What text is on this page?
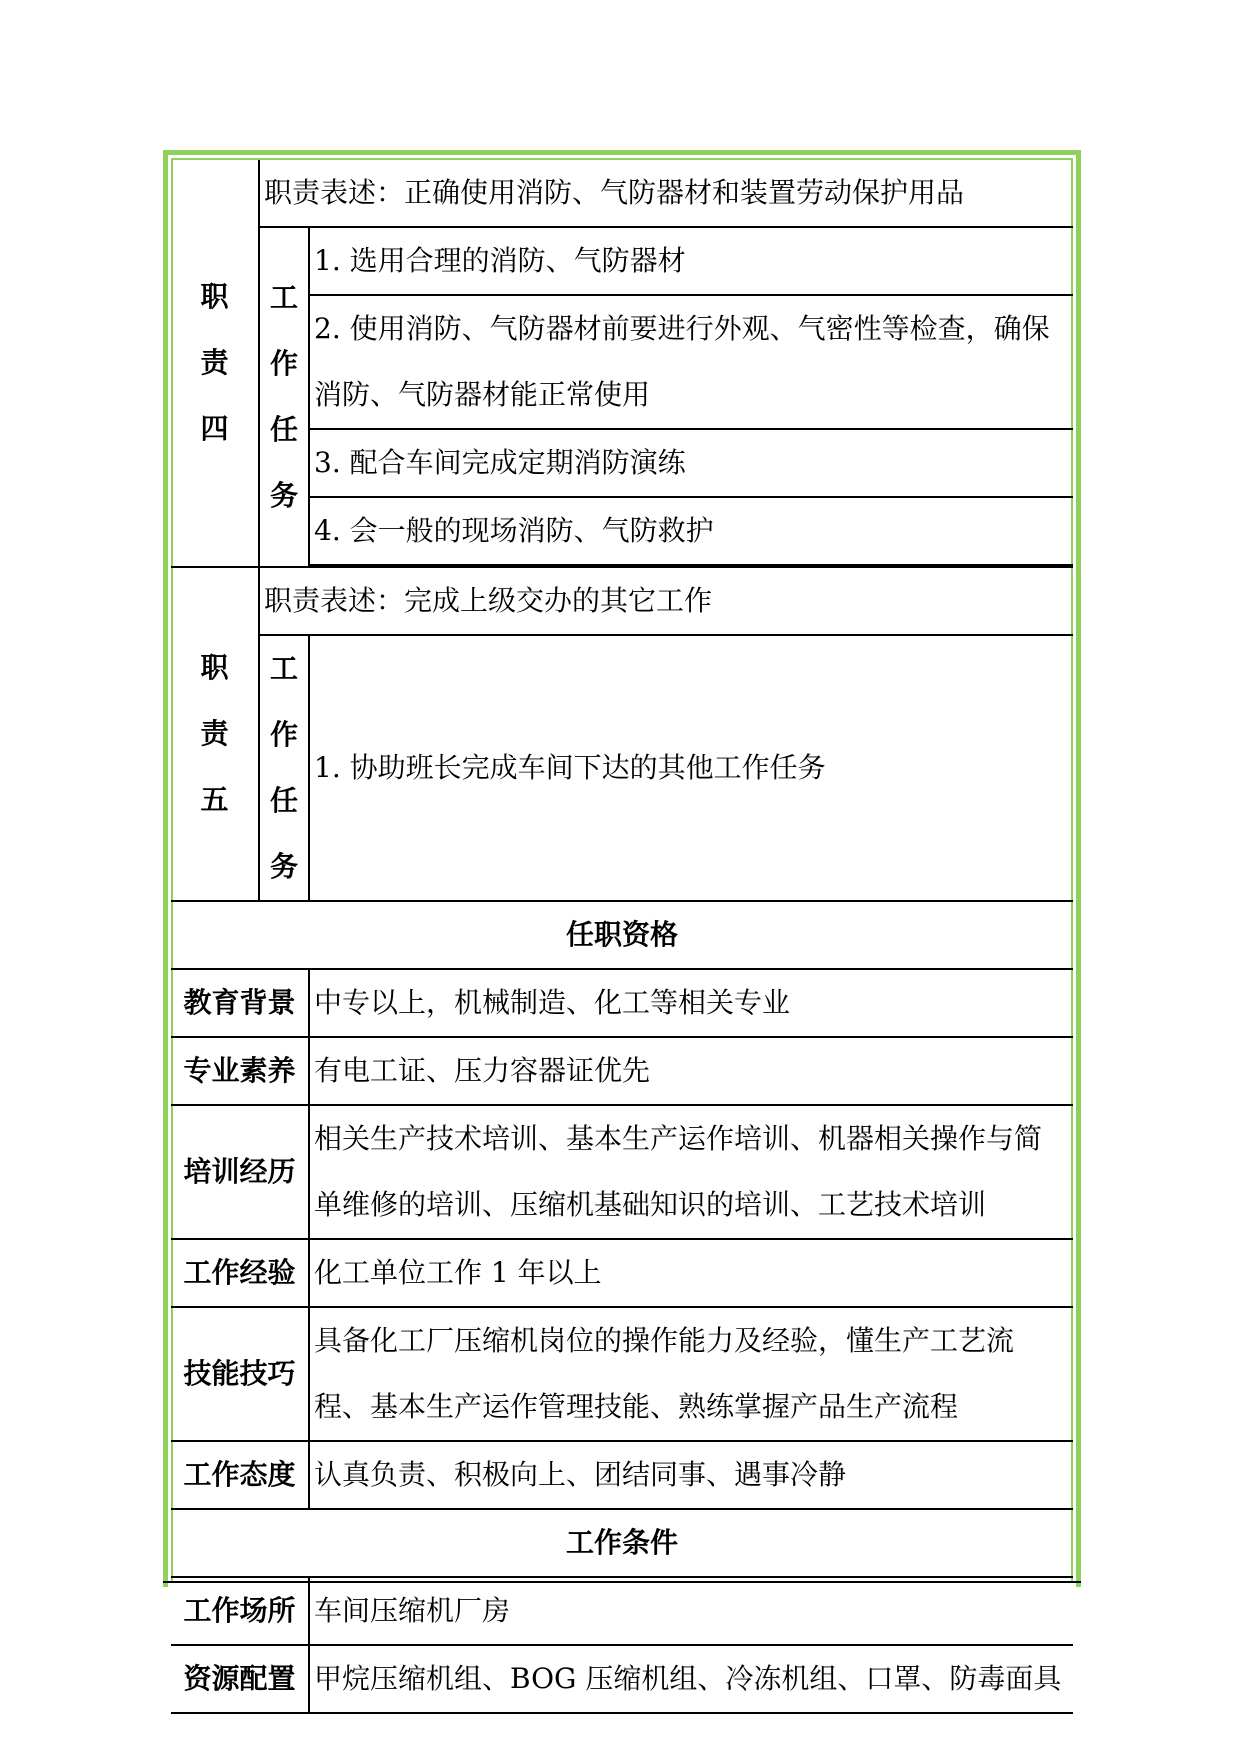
职
责
四	职责表述：正确使用消防、气防器材和装置劳动保护用品	

	工
作
任
务	1. 选用合理的消防、气防器材
		2. 使用消防、气防器材前要进行外观、气密性等检查，确保消防、气防器材能正常使用
		3. 配合车间完成定期消防演练
		4. 会一般的现场消防、气防救护

职
责
五	职责表述：完成上级交办的其它工作	

	工
作
任
务	1. 协助班长完成车间下达的其他工作任务
任职资格		
教育背景		中专以上，机械制造、化工等相关专业
专业素养		有电工证、压力容器证优先
培训经历		相关生产技术培训、基本生产运作培训、机器相关操作与简单维修的培训、压缩机基础知识的培训、工艺技术培训
工作经验		化工单位工作 1 年以上
技能技巧		具备化工厂压缩机岗位的操作能力及经验，懂生产工艺流程、基本生产运作管理技能、熟练掌握产品生产流程
工作态度		认真负责、积极向上、团结同事、遇事冷静
工作条件		
工作场所		车间压缩机厂房
资源配置		甲烷压缩机组、BOG 压缩机组、冷冻机组、口罩、防毒面具
